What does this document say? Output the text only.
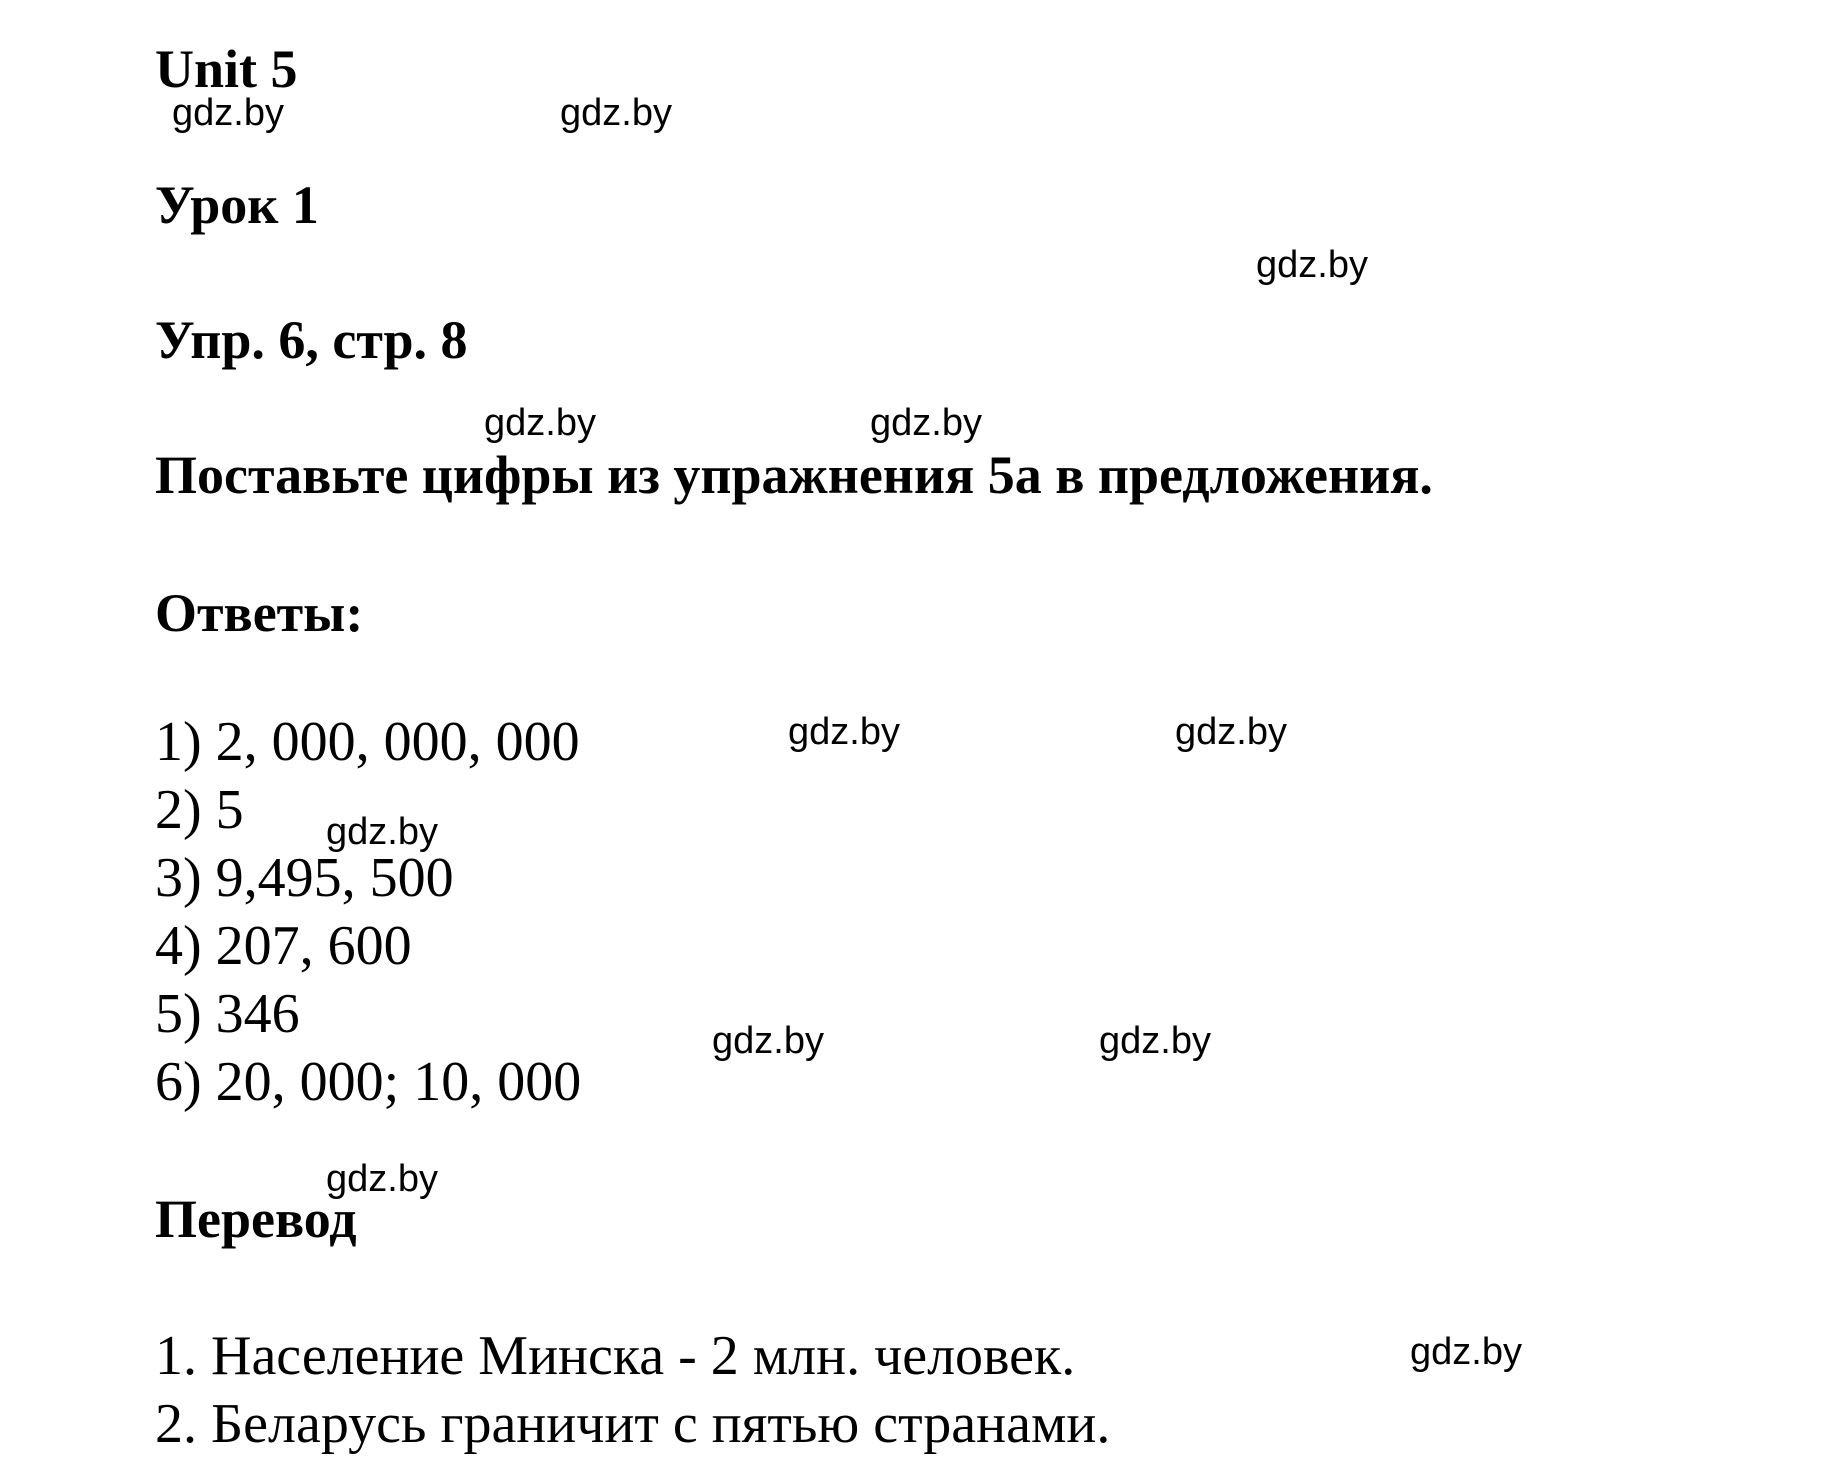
Unit 5
Урок 1
Упр. 6, стр. 8
Поставьте цифры из упражнения 5a в предложения.
Ответы:
1) 2, 000, 000, 000
2) 5
3) 9,495, 500
4) 207, 600
5) 346
6) 20, 000; 10, 000
Перевод
1. Население Минска - 2 млн. человек.
2. Беларусь граничит с пятью странами.
gdz.by	gdz.by
gdz.by
gdz.by	gdz.by
gdz.by	gdz.by
gdz.by
gdz.by	gdz.by
gdz.by
gdz.by
